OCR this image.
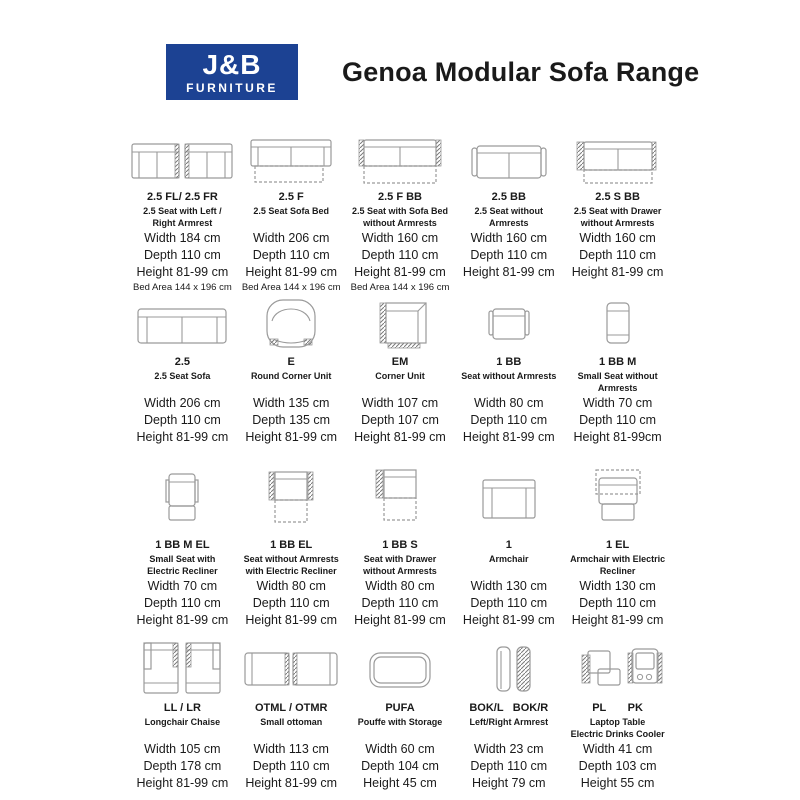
J&B
FURNITURE
Genoa Modular Sofa Range
2.5 FL/ 2.5 FR
2.5 Seat with Left /
Right Armrest
Width 184 cm
Depth 110 cm
Height 81-99 cm
Bed Area 144 x 196 cm
2.5 F
2.5 Seat Sofa Bed
Width 206 cm
Depth 110 cm
Height 81-99 cm
Bed Area 144 x 196 cm
2.5 F BB
2.5 Seat with Sofa Bed
without Armrests
Width 160 cm
Depth 110 cm
Height 81-99 cm
Bed Area 144 x 196 cm
2.5 BB
2.5 Seat without
Armrests
Width 160 cm
Depth 110 cm
Height 81-99 cm
2.5 S BB
2.5 Seat with Drawer
without Armrests
Width 160 cm
Depth 110 cm
Height 81-99 cm
2.5
2.5 Seat Sofa
Width 206 cm
Depth 110 cm
Height 81-99 cm
E
Round Corner Unit
Width 135 cm
Depth 135 cm
Height 81-99 cm
EM
Corner Unit
Width 107 cm
Depth 107 cm
Height 81-99 cm
1 BB
Seat without Armrests
Width 80 cm
Depth 110 cm
Height 81-99 cm
1 BB M
Small Seat without
Armrests
Width 70 cm
Depth 110 cm
Height 81-99cm
1 BB M EL
Small Seat with
Electric Recliner
Width 70 cm
Depth 110 cm
Height 81-99 cm
1 BB EL
Seat without Armrests
with Electric Recliner
Width 80 cm
Depth 110 cm
Height 81-99 cm
1 BB S
Seat with Drawer
without Armrests
Width 80 cm
Depth 110 cm
Height 81-99 cm
1
Armchair
Width 130 cm
Depth 110 cm
Height 81-99 cm
1 EL
Armchair with Electric
Recliner
Width 130 cm
Depth 110 cm
Height 81-99 cm
LL / LR
Longchair Chaise
Width 105 cm
Depth 178 cm
Height 81-99 cm
OTML / OTMR
Small ottoman
Width 113 cm
Depth 110 cm
Height 81-99 cm
PUFA
Pouffe with Storage
Width 60 cm
Depth 104 cm
Height 45 cm
BOK/L   BOK/R
Left/Right Armrest
Width 23 cm
Depth 110 cm
Height 79 cm
PL       PK
Laptop Table
Electric Drinks Cooler
Width 41 cm
Depth 103 cm
Height 55 cm
